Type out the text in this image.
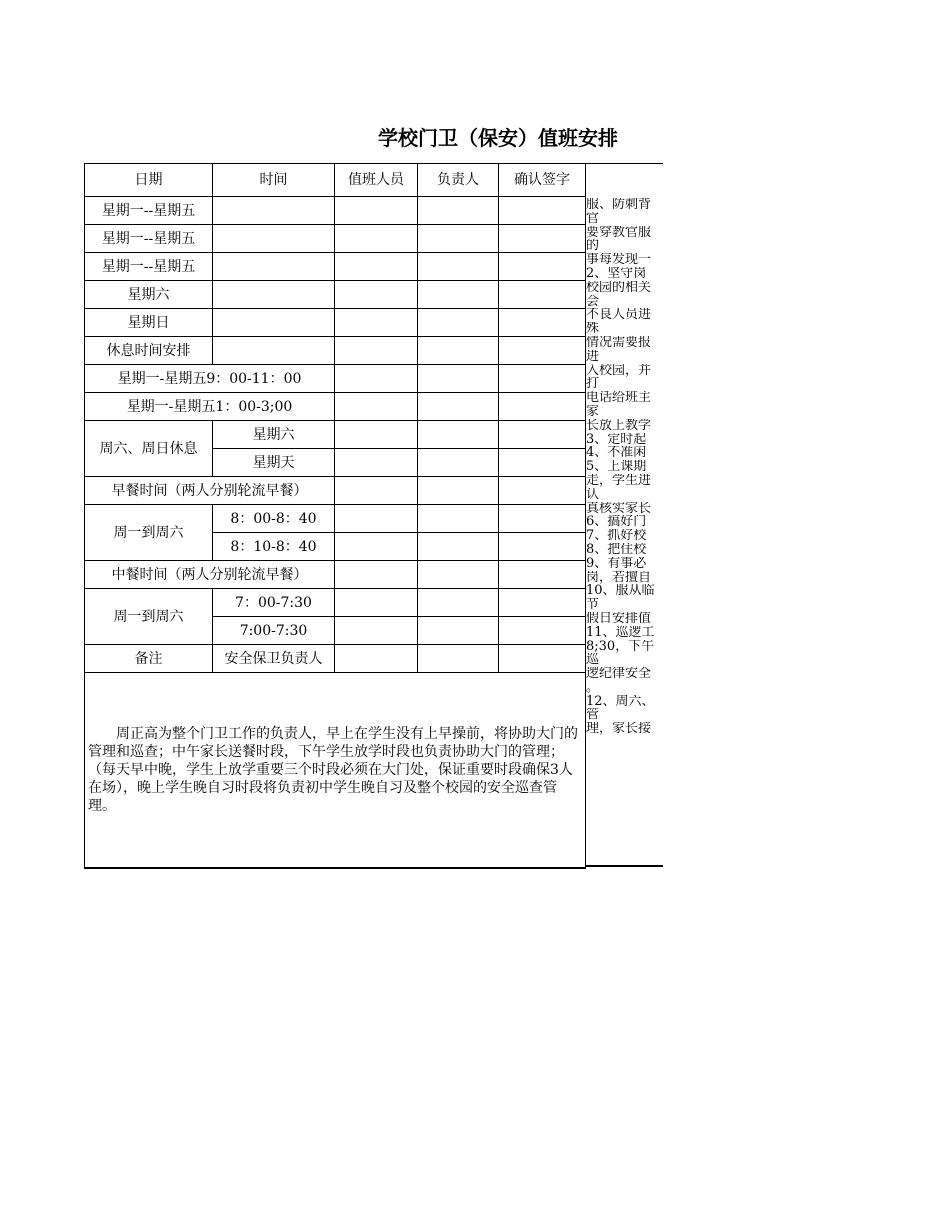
学校门卫（保安）值班安排
日期	时间	值班人员	负责人	确认签字
星期一--星期五				
星期一--星期五				
星期一--星期五				
星期六				
星期日				
休息时间安排				
星期一-星期五9：00-11：00				
星期一-星期五1：00-3;00				
周六、周日休息	星期六			
	星期天			
早餐时间（两人分别轮流早餐）				
周一到周六	8：00-8：40			
	8：10-8：40			
中餐时间（两人分别轮流早餐）				
周一到周六	7：00-7:30			
	7:00-7:30			
备注	安全保卫负责人			
周正高为整个门卫工作的负责人，早上在学生没有上早操前，将协助大门的管理和巡查；中午家长送餐时段，下午学生放学时段也负责协助大门的管理；（每天早中晚，学生上放学重要三个时段必须在大门处，保证重要时段确保3人在场），晚上学生晚自习时段将负责初中学生晚自习及整个校园的安全巡查管理。				
服、防刺背
官
要穿教官服
的
事每发现一
2、坚守岗
校园的相关
会
不良人员进
殊
情况需要报
进
入校园，并
打
电话给班主
家
长放上教学
3、定时起
4、不准闲
5、上课期
走，学生进
认
真核实家长
6、搞好门
7、抓好校
8、把住校
9、有事必
岗，若擅自
10、服从临
节
假日安排值
11、巡逻工
8;30，下午
巡
逻纪律安全
。
12、周六、
管
理，家长接
